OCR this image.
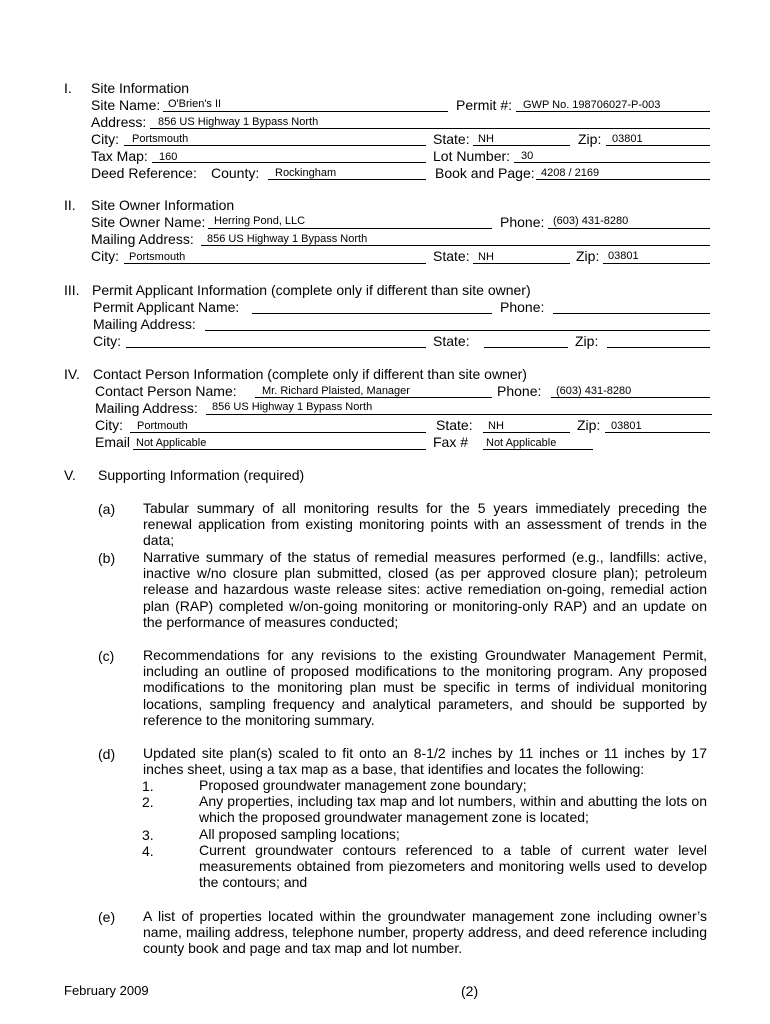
I. Site Information
Site Name: O'Brien's II	Permit #: GWP No. 198706027-P-003
Address: 856 US Highway 1 Bypass North
City: Portsmouth	State: NH	Zip: 03801
Tax Map: 160	Lot Number: 30
Deed Reference: County: Rockingham	Book and Page: 4208 / 2169
II. Site Owner Information
Site Owner Name: Herring Pond, LLC	Phone: (603) 431-8280
Mailing Address: 856 US Highway 1 Bypass North
City: Portsmouth	State: NH	Zip: 03801
III. Permit Applicant Information (complete only if different than site owner)
Permit Applicant Name:	Phone:
Mailing Address:
City:	State:	Zip:
IV. Contact Person Information (complete only if different than site owner)
Contact Person Name: Mr. Richard Plaisted, Manager	Phone: (603) 431-8280
Mailing Address: 856 US Highway 1 Bypass North
City: Portmouth	State: NH	Zip: 03801
Email Not Applicable	Fax # Not Applicable
V. Supporting Information (required)
(a) Tabular summary of all monitoring results for the 5 years immediately preceding the renewal application from existing monitoring points with an assessment of trends in the data;
(b) Narrative summary of the status of remedial measures performed (e.g., landfills: active, inactive w/no closure plan submitted, closed (as per approved closure plan); petroleum release and hazardous waste release sites: active remediation on-going, remedial action plan (RAP) completed w/on-going monitoring or monitoring-only RAP) and an update on the performance of measures conducted;
(c) Recommendations for any revisions to the existing Groundwater Management Permit, including an outline of proposed modifications to the monitoring program. Any proposed modifications to the monitoring plan must be specific in terms of individual monitoring locations, sampling frequency and analytical parameters, and should be supported by reference to the monitoring summary.
(d) Updated site plan(s) scaled to fit onto an 8-1/2 inches by 11 inches or 11 inches by 17 inches sheet, using a tax map as a base, that identifies and locates the following:
1.	Proposed groundwater management zone boundary;
2.	Any properties, including tax map and lot numbers, within and abutting the lots on which the proposed groundwater management zone is located;
3.	All proposed sampling locations;
4.	Current groundwater contours referenced to a table of current water level measurements obtained from piezometers and monitoring wells used to develop the contours; and
(e) A list of properties located within the groundwater management zone including owner’s name, mailing address, telephone number, property address, and deed reference including county book and page and tax map and lot number.
February 2009	(2)
